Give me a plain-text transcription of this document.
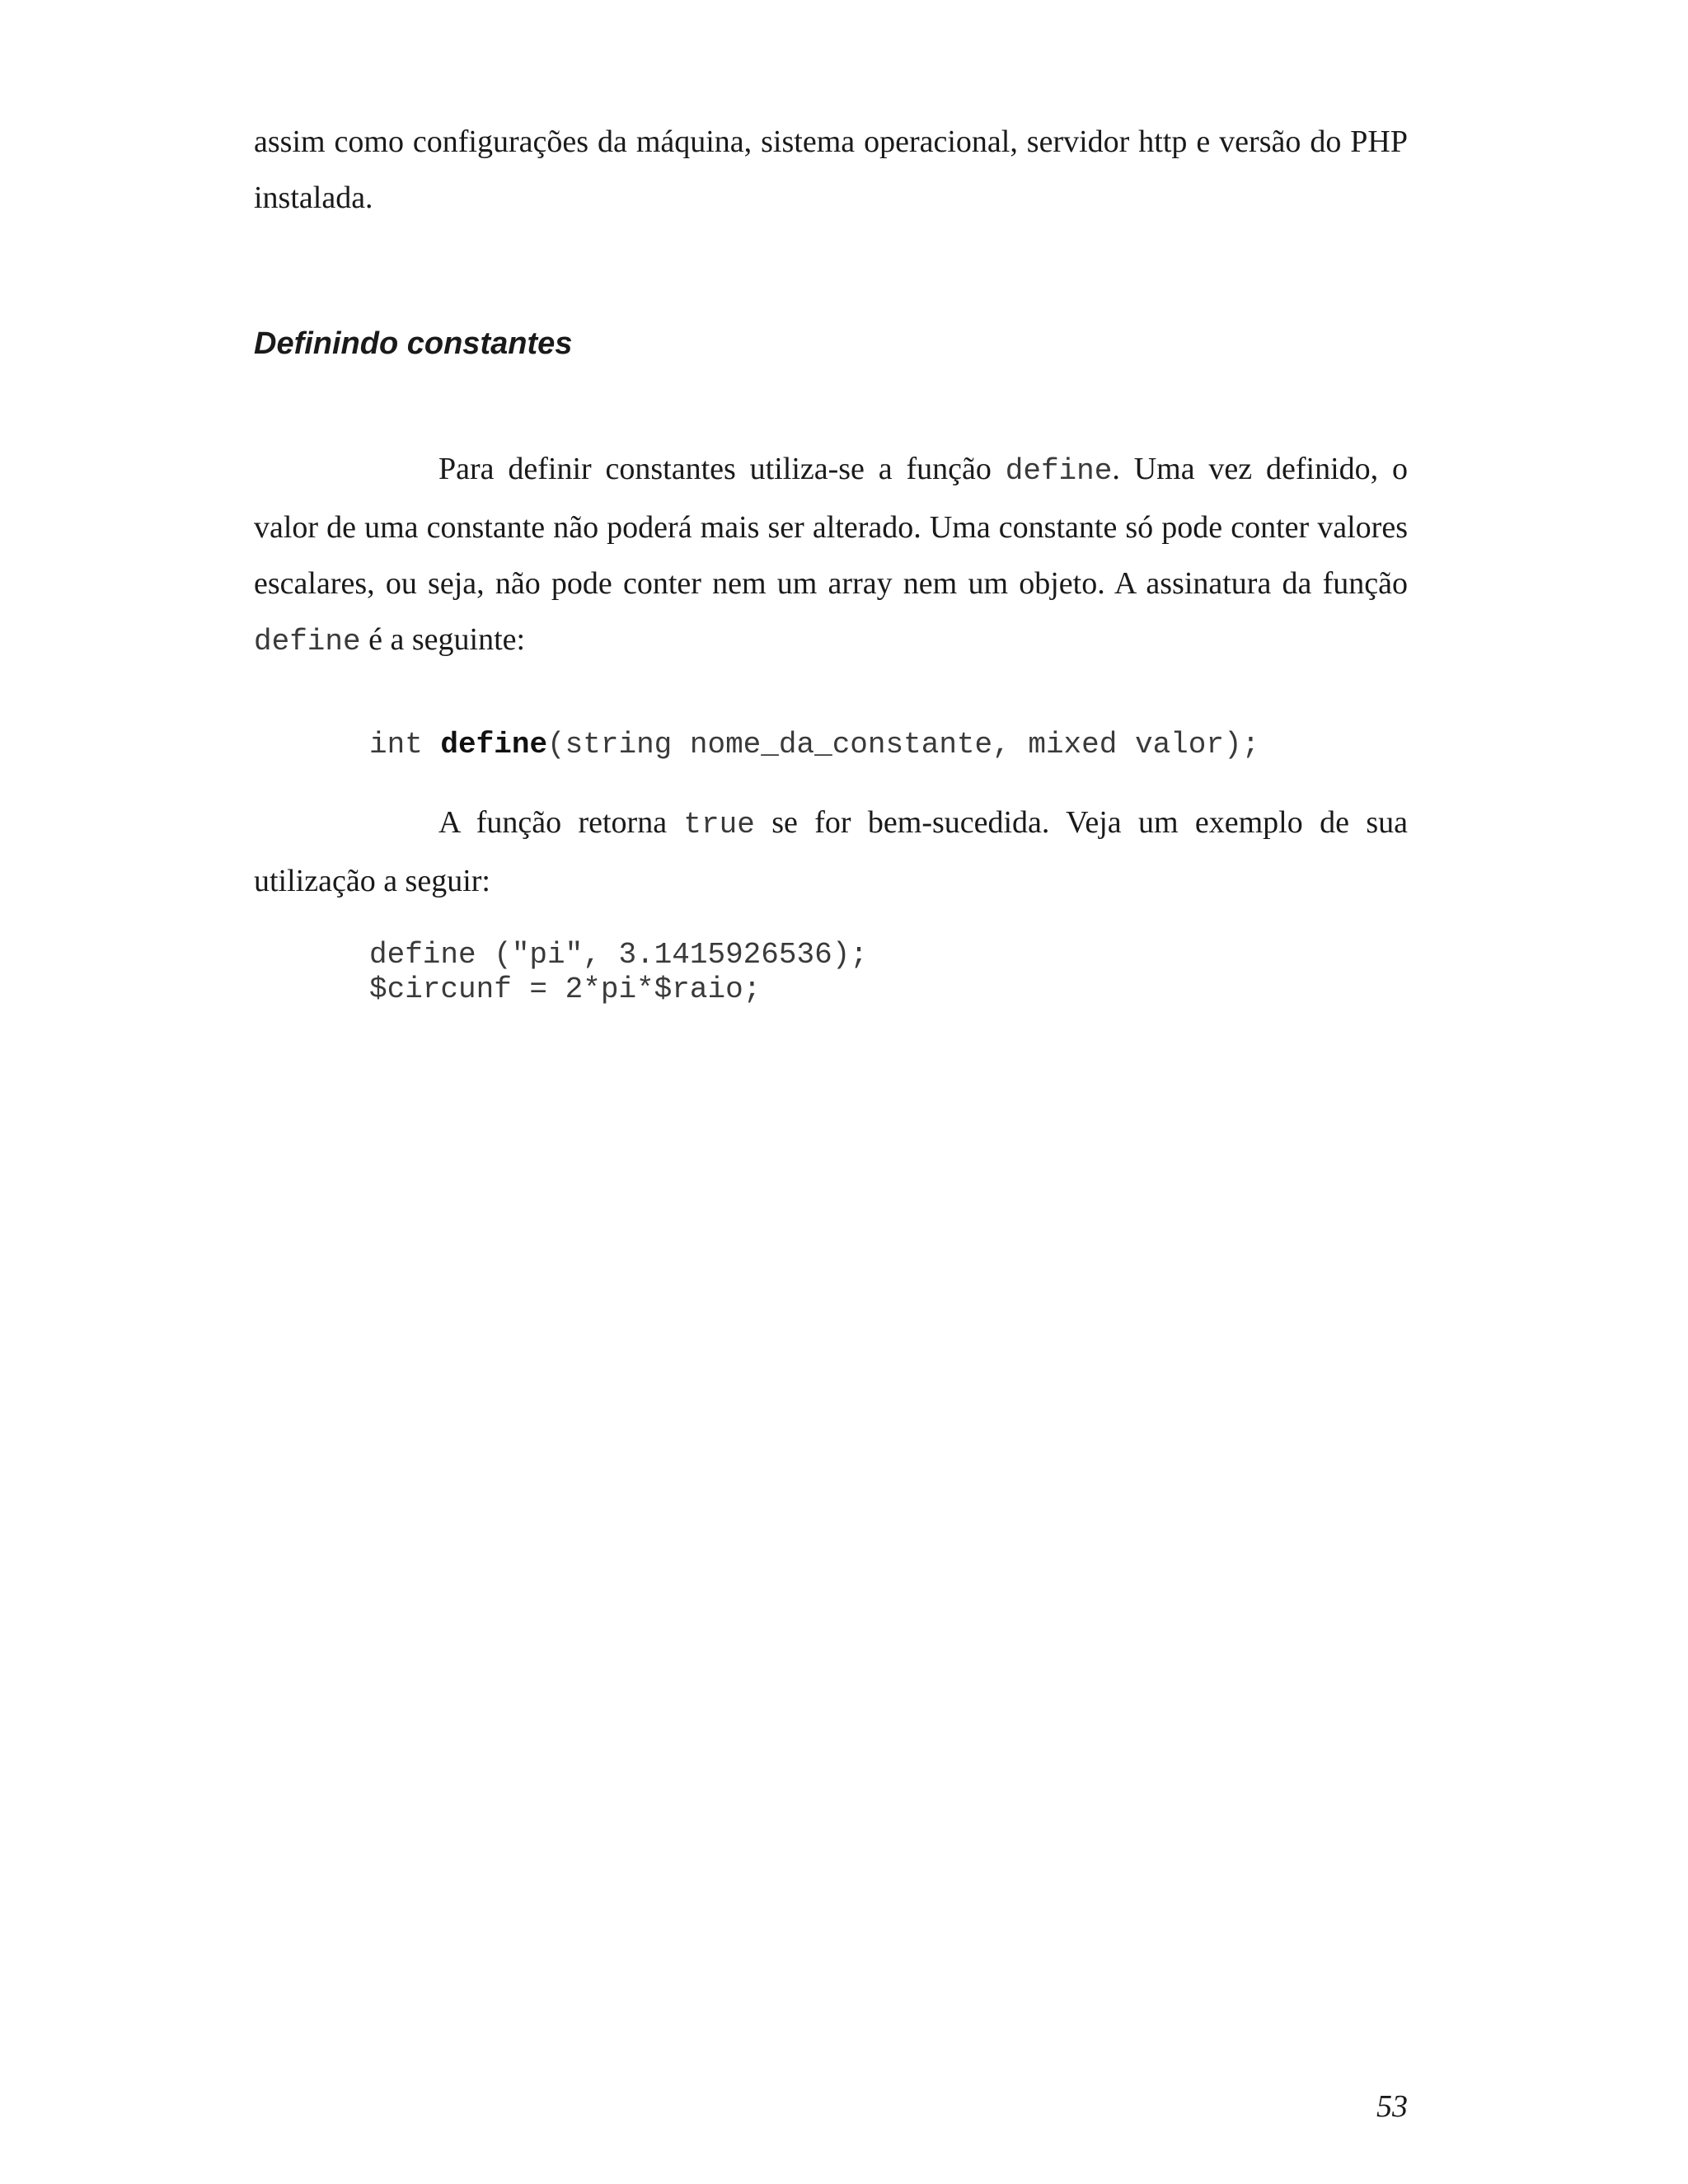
assim como configurações da máquina, sistema operacional, servidor http e versão do PHP instalada.

Definindo constantes

Para definir constantes utiliza-se a função define. Uma vez definido, o valor de uma constante não poderá mais ser alterado. Uma constante só pode conter valores escalares, ou seja, não pode conter nem um array nem um objeto. A assinatura da função define é a seguinte:

int define(string nome_da_constante, mixed valor);

A função retorna true se for bem-sucedida. Veja um exemplo de sua utilização a seguir:

define ("pi", 3.1415926536);

$circunf = 2*pi*$raio;

53
